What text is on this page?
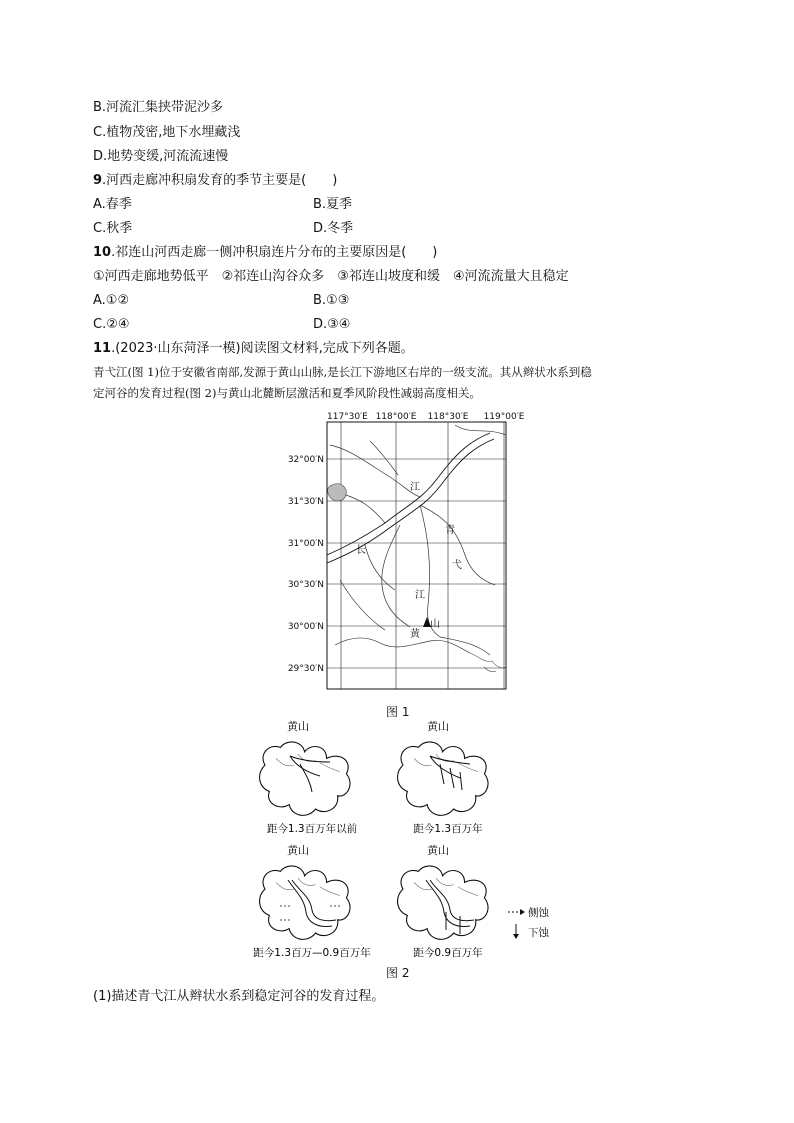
B.河流汇集挟带泥沙多
C.植物茂密,地下水埋藏浅
D.地势变缓,河流流速慢
9.河西走廊冲积扇发育的季节主要是(　　)
A.春季	B.夏季
C.秋季	D.冬季
10.祁连山河西走廊一侧冲积扇连片分布的主要原因是(　　)
①河西走廊地势低平　②祁连山沟谷众多　③祁连山坡度和缓　④河流流量大且稳定
A.①②	B.①③
C.②④	D.③④
11.(2023·山东菏泽一模)阅读图文材料,完成下列各题。
青弋江(图 1)位于安徽省南部,发源于黄山山脉,是长江下游地区右岸的一级支流。其从辫状水系到稳
定河谷的发育过程(图 2)与黄山北麓断层激活和夏季风阶段性减弱高度相关。
117°30′E 118°00′E 118°30′E 119°00′E
32°00′N
31°30′N
31°00′N
30°30′N
30°00′N
29°30′N
江
长
青
弋
江
黄
山
图 1
黄山
距今1.3百万年以前
黄山
距今1.3百万年
黄山
距今1.3百万—0.9百万年
黄山
距今0.9百万年
侧蚀
下蚀
图 2
(1)描述青弋江从辫状水系到稳定河谷的发育过程。
